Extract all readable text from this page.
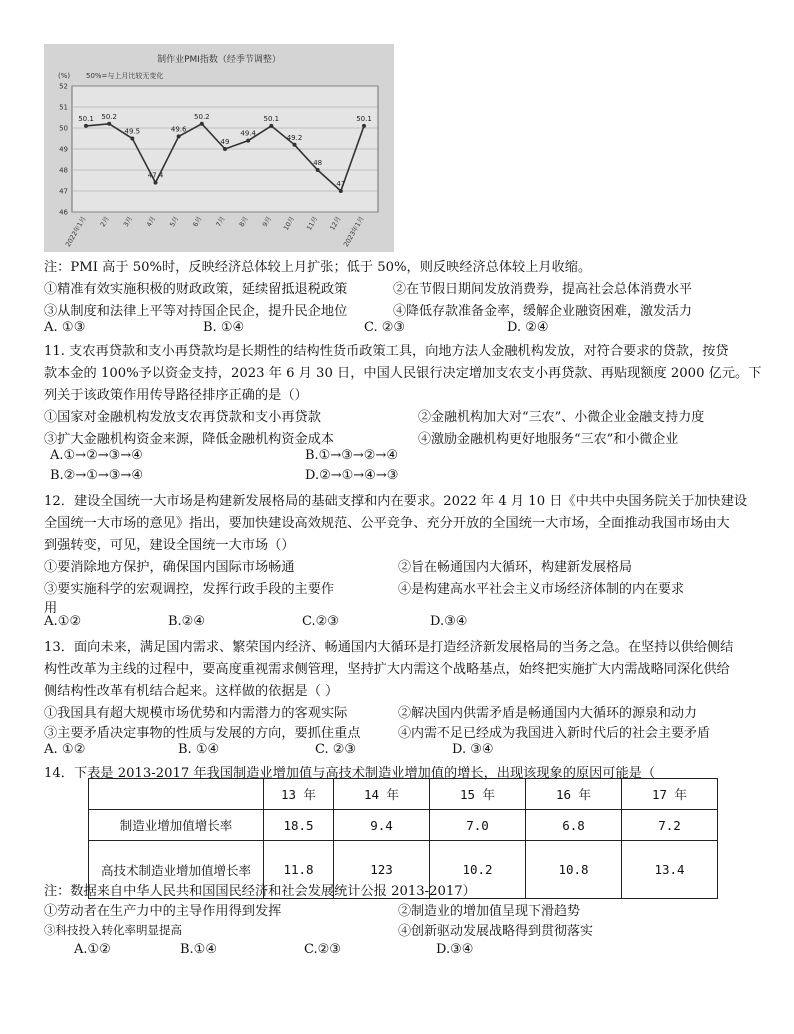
制作业PMI指数（经季节调整）
(%) 50%=与上月比较无变化
52
51
50
49
48
47
46
2022年1月 2月 3月 4月 5月 6月 7月 8月 9月 10月 11月 12月 2023年1月
50.1 50.2
49.5
47.4
49.6
50.2
49
49.4
50.1
49.2
48
47
50.1
注：PMI 高于 50%时，反映经济总体较上月扩张；低于 50%，则反映经济总体较上月收缩。
①精准有效实施积极的财政政策，延续留抵退税政策	②在节假日期间发放消费券，提高社会总体消费水平
③从制度和法律上平等对持国企民企，提升民企地位	④降低存款准备金率，缓解企业融资困难，激发活力
A. ①③	B. ①④	C. ②③	D. ②④
11. 支农再贷款和支小再贷款均是长期性的结构性货币政策工具，向地方法人金融机构发放，对符合要求的贷款，按贷
款本金的 100%予以资金支持，2023 年 6 月 30 日，中国人民银行决定增加支农支小再贷款、再贴现额度 2000 亿元。下
列关于该政策作用传导路径排序正确的是（）
①国家对金融机构发放支农再贷款和支小再贷款	②金融机构加大对“三农”、小微企业金融支持力度
③扩大金融机构资金来源，降低金融机构资金成本	④激励金融机构更好地服务“三农”和小微企业
A.①→②→③→④	B.①→③→②→④
B.②→①→③→④	D.②→①→④→③
12．建设全国统一大市场是构建新发展格局的基础支撑和内在要求。2022 年 4 月 10 日《中共中央国务院关于加快建设
全国统一大市场的意见》指出，要加快建设高效规范、公平竞争、充分开放的全国统一大市场，全面推动我国市场由大
到强转变，可见，建设全国统一大市场（）
①要消除地方保护，确保国内国际市场畅通	②旨在畅通国内大循环，构建新发展格局
③要实施科学的宏观调控，发挥行政手段的主要作	④是构建高水平社会主义市场经济体制的内在要求
用
A.①②	B.②④	C.②③	D.③④
13．面向未来，满足国内需求、繁荣国内经济、畅通国内大循环是打造经济新发展格局的当务之急。在坚持以供给侧结
构性改革为主线的过程中，要高度重视需求侧管理，坚持扩大内需这个战略基点，始终把实施扩大内需战略同深化供给
侧结构性改革有机结合起来。这样做的依据是（ ）
①我国具有超大规模市场优势和内需潜力的客观实际	②解决国内供需矛盾是畅通国内大循环的源泉和动力
③主要矛盾决定事物的性质与发展的方向，要抓住重点	④内需不足已经成为我国进入新时代后的社会主要矛盾
A. ①②	B. ①④	C. ②③	D. ③④
14．下表是 2013-2017 年我国制造业增加值与高技术制造业增加值的增长，出现该现象的原因可能是（
	13 年	14 年	15 年	16 年	17 年
制造业增加值增长率	18.5	9.4	7.0	6.8	7.2
高技术制造业增加值增长率	11.8	123	10.2	10.8	13.4
注：数据来自中华人民共和国国民经济和社会发展统计公报 2013-2017）
①劳动者在生产力中的主导作用得到发挥	②制造业的增加值呈现下滑趋势
③科技投入转化率明显提高	④创新驱动发展战略得到贯彻落实
A.①②	B.①④	C.②③	D.③④
